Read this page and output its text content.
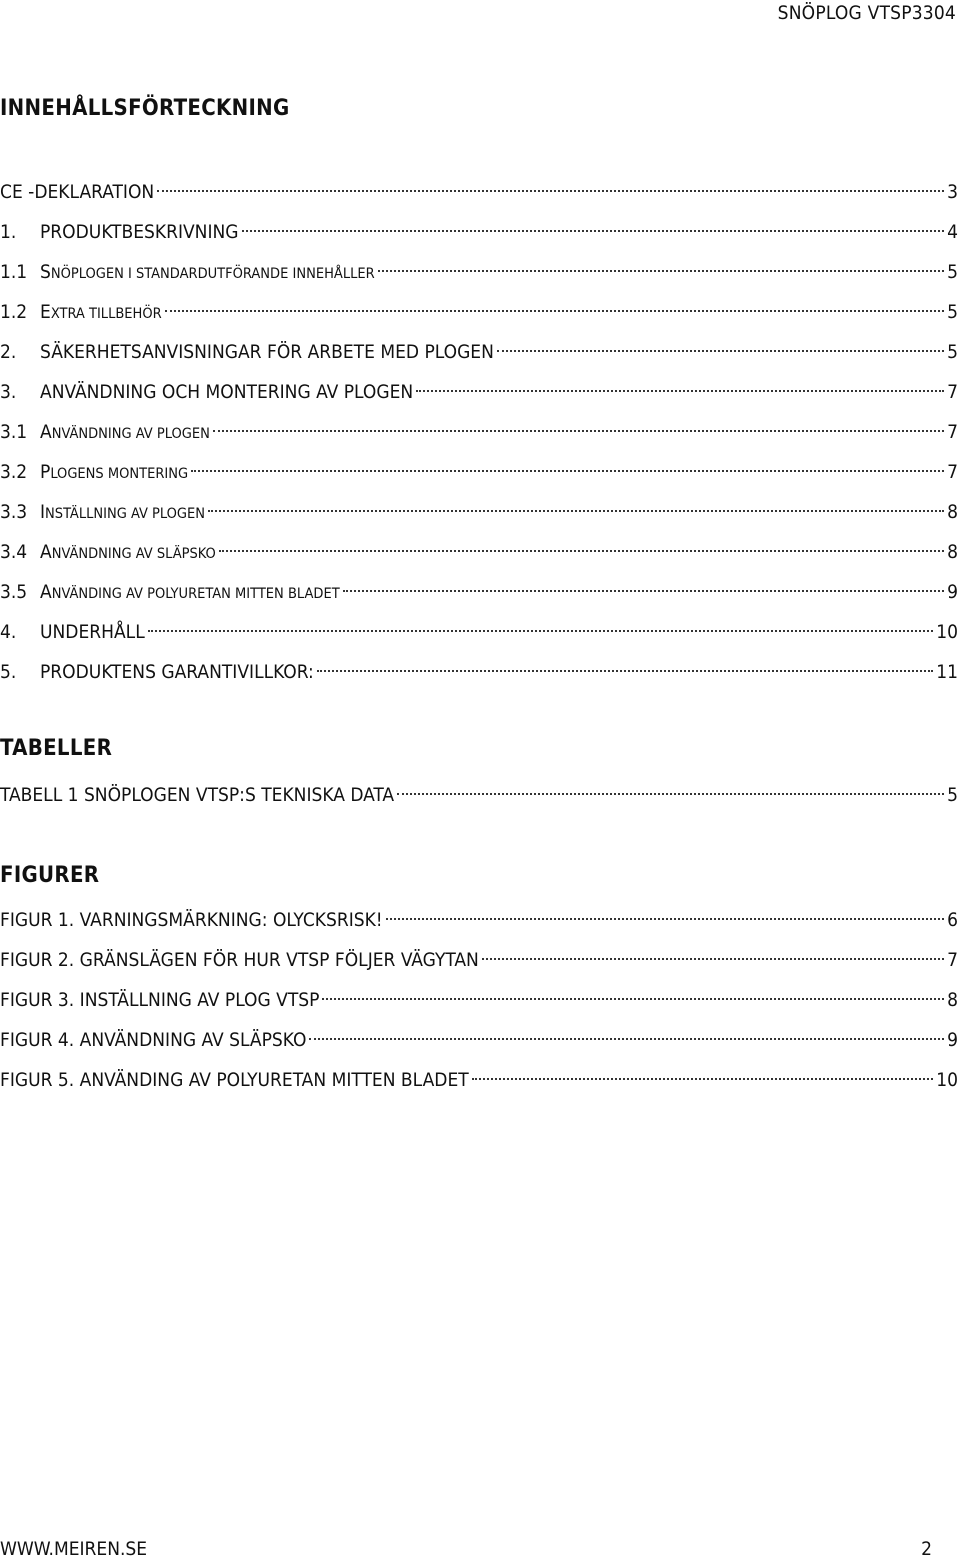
SNÖPLOG VTSP3304
INNEHÅLLSFÖRTECKNING
CE -DEKLARATION	3
1.	PRODUKTBESKRIVNING	4
1.1 SNÖPLOGEN I STANDARDUTFÖRANDE INNEHÅLLER	5
1.2 EXTRA TILLBEHÖR	5
2.	SÄKERHETSANVISNINGAR FÖR ARBETE MED PLOGEN	5
3.	ANVÄNDNING OCH MONTERING AV PLOGEN	7
3.1 ANVÄNDNING AV PLOGEN	7
3.2 PLOGENS MONTERING	7
3.3 INSTÄLLNING AV PLOGEN	8
3.4 ANVÄNDNING AV SLÄPSKO	8
3.5 ANVÄNDING AV POLYURETAN MITTEN BLADET	9
4.	UNDERHÅLL	10
5.	PRODUKTENS GARANTIVILLKOR:	11
TABELLER
TABELL 1 SNÖPLOGEN VTSP:S TEKNISKA DATA	5
FIGURER
FIGUR 1. VARNINGSMÄRKNING: OLYCKSRISK!	6
FIGUR 2. GRÄNSLÄGEN FÖR HUR VTSP FÖLJER VÄGYTAN	7
FIGUR 3. INSTÄLLNING AV PLOG VTSP	8
FIGUR 4. ANVÄNDNING AV SLÄPSKO	9
FIGUR 5. ANVÄNDING AV POLYURETAN MITTEN BLADET	10
WWW.MEIREN.SE	2
